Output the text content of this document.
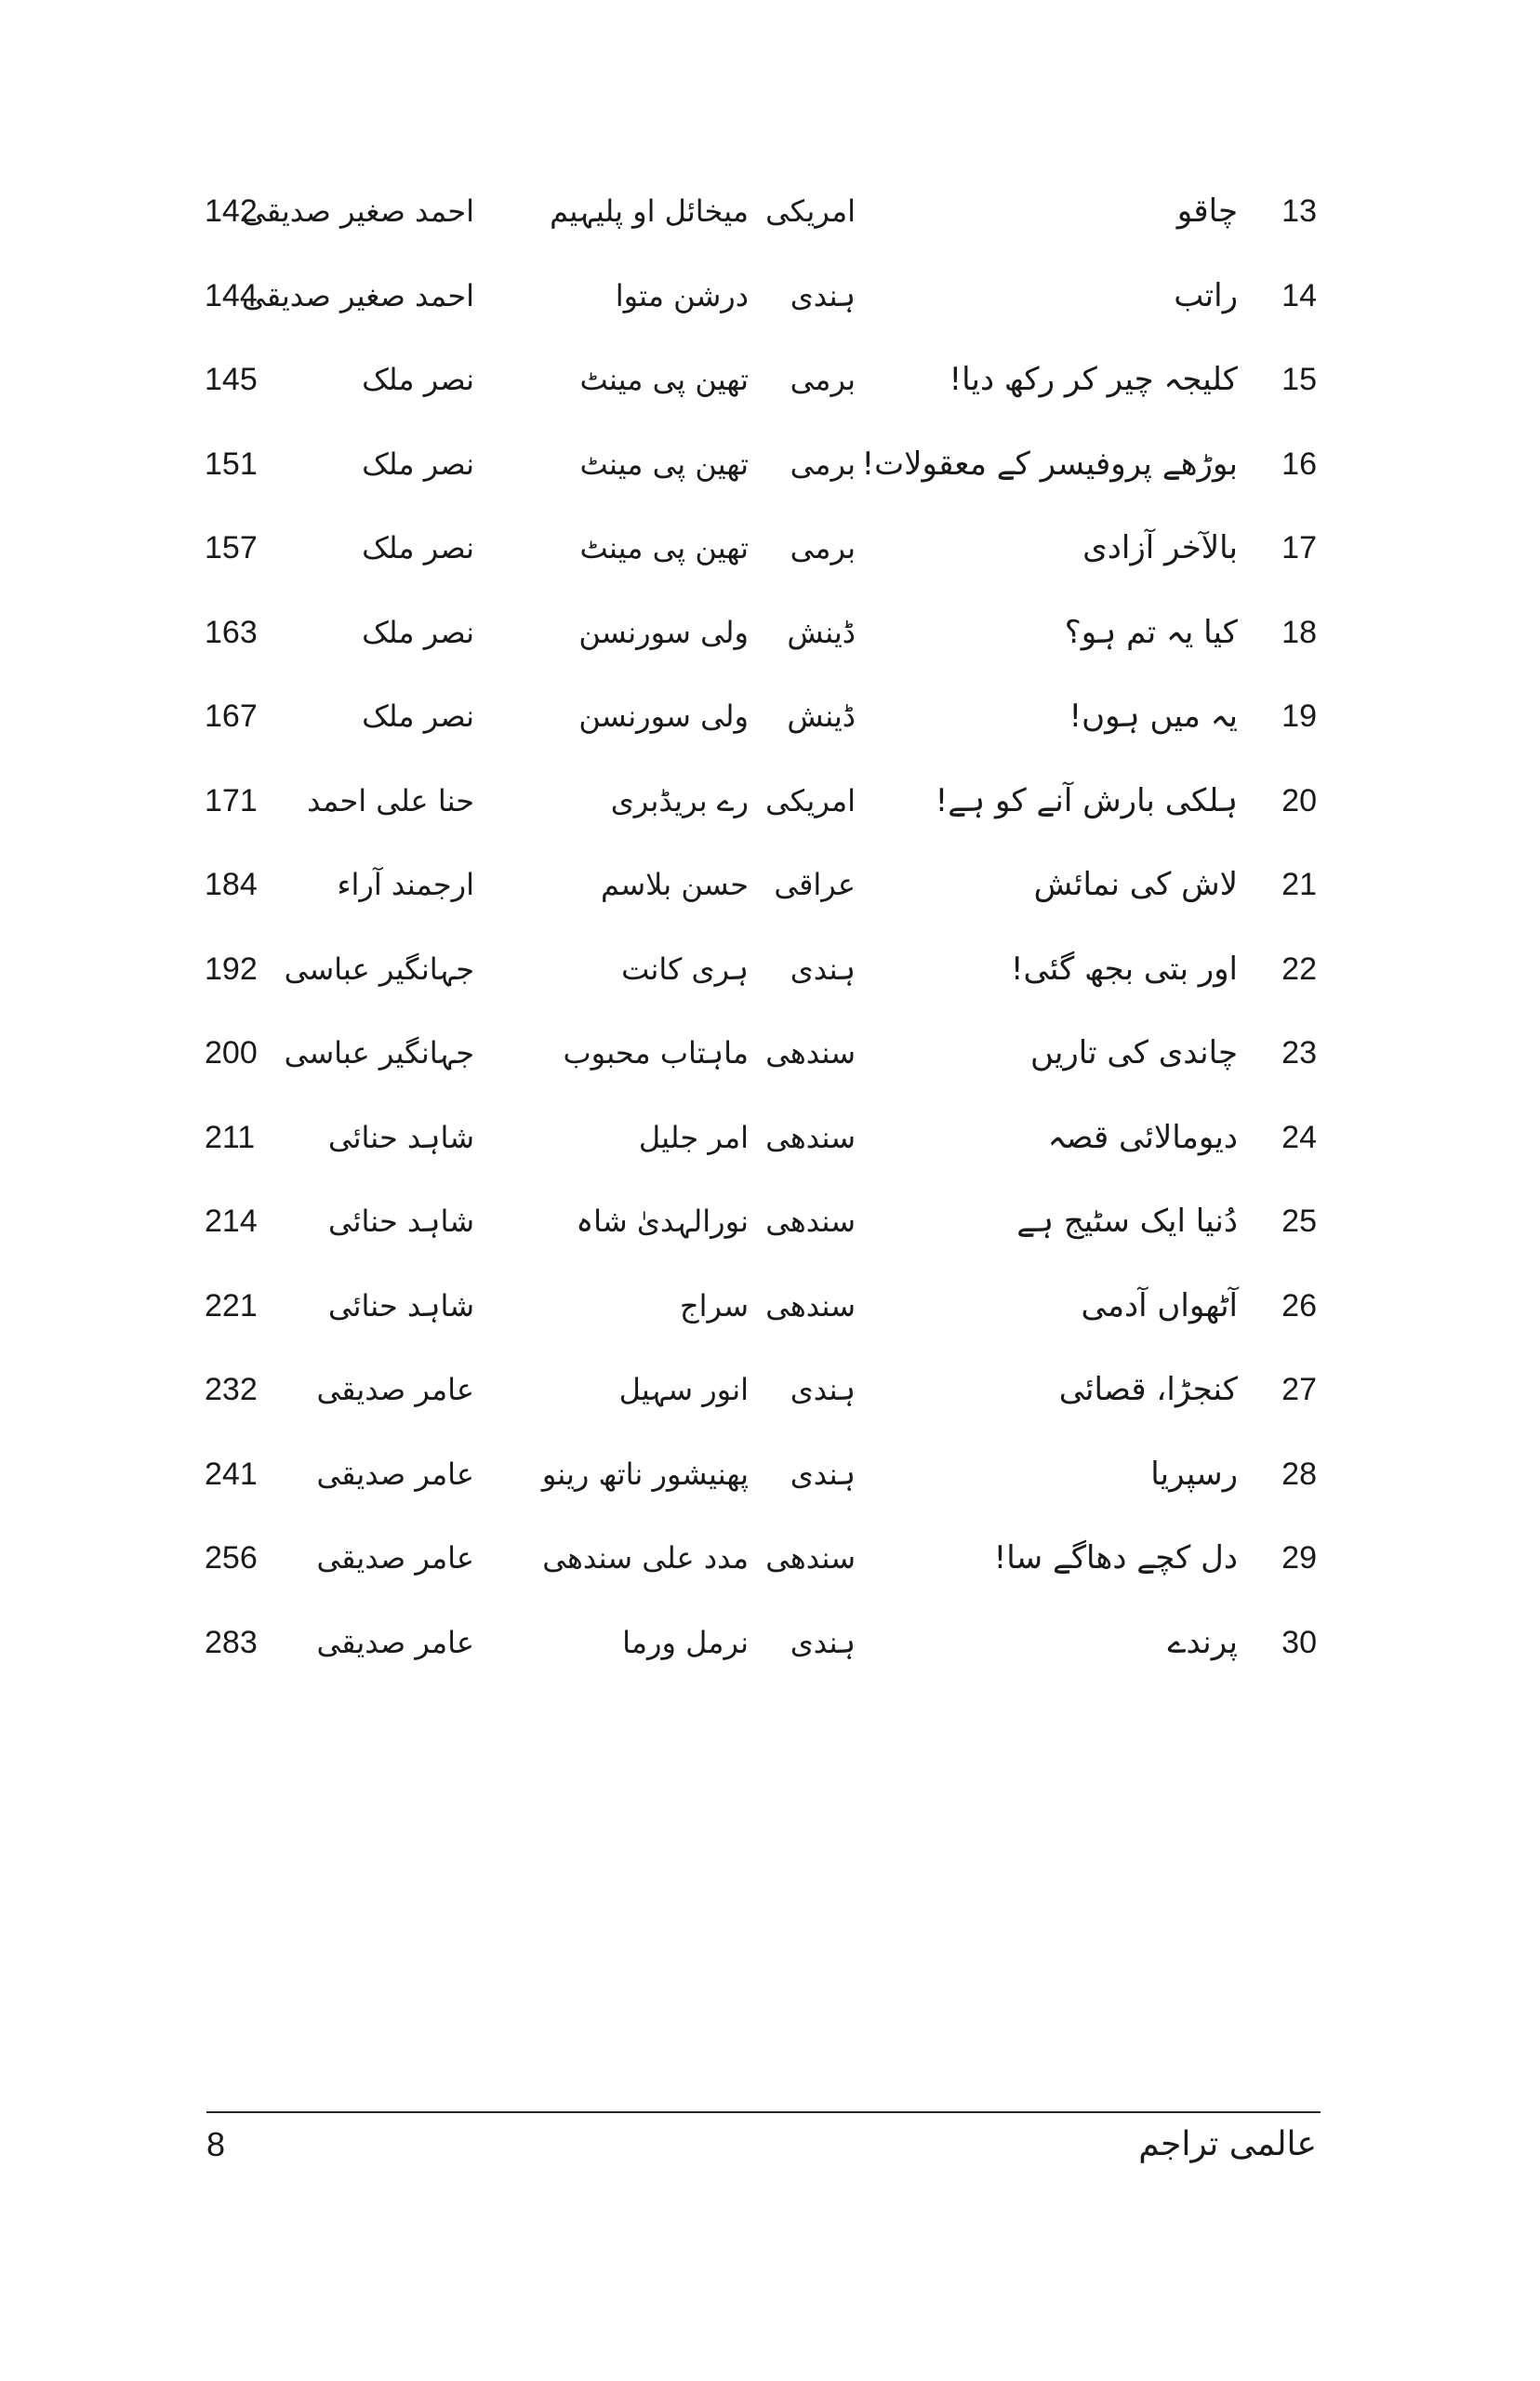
13
چاقو
امریکی
میخائل او پلیہیم
احمد صغیر صدیقی
142
14
راتب
ہندی
درشن متوا
احمد صغیر صدیقی
144
15
کلیجہ چیر کر رکھ دیا!
برمی
تھین پی مینٹ
نصر ملک
145
16
بوڑھے پروفیسر کے معقولات!
برمی
تھین پی مینٹ
نصر ملک
151
17
بالآخر آزادی
برمی
تھین پی مینٹ
نصر ملک
157
18
کیا یہ تم ہو؟
ڈینش
ولی سورنسن
نصر ملک
163
19
یہ میں ہوں!
ڈینش
ولی سورنسن
نصر ملک
167
20
ہلکی بارش آنے کو ہے!
امریکی
رے بریڈبری
حنا علی احمد
171
21
لاش کی نمائش
عراقی
حسن بلاسم
ارجمند آراء
184
22
اور بتی بجھ گئی!
ہندی
ہری کانت
جہانگیر عباسی
192
23
چاندی کی تاریں
سندھی
ماہتاب محبوب
جہانگیر عباسی
200
24
دیومالائی قصہ
سندھی
امر جلیل
شاہد حنائی
211
25
دُنیا ایک سٹیج ہے
سندھی
نورالہدیٰ شاہ
شاہد حنائی
214
26
آٹھواں آدمی
سندھی
سراج
شاہد حنائی
221
27
کنجڑا، قصائی
ہندی
انور سہیل
عامر صدیقی
232
28
رسپریا
ہندی
پھنیشور ناتھ رینو
عامر صدیقی
241
29
دل کچے دھاگے سا!
سندھی
مدد علی سندھی
عامر صدیقی
256
30
پرندے
ہندی
نرمل ورما
عامر صدیقی
283
8	عالمی تراجم
